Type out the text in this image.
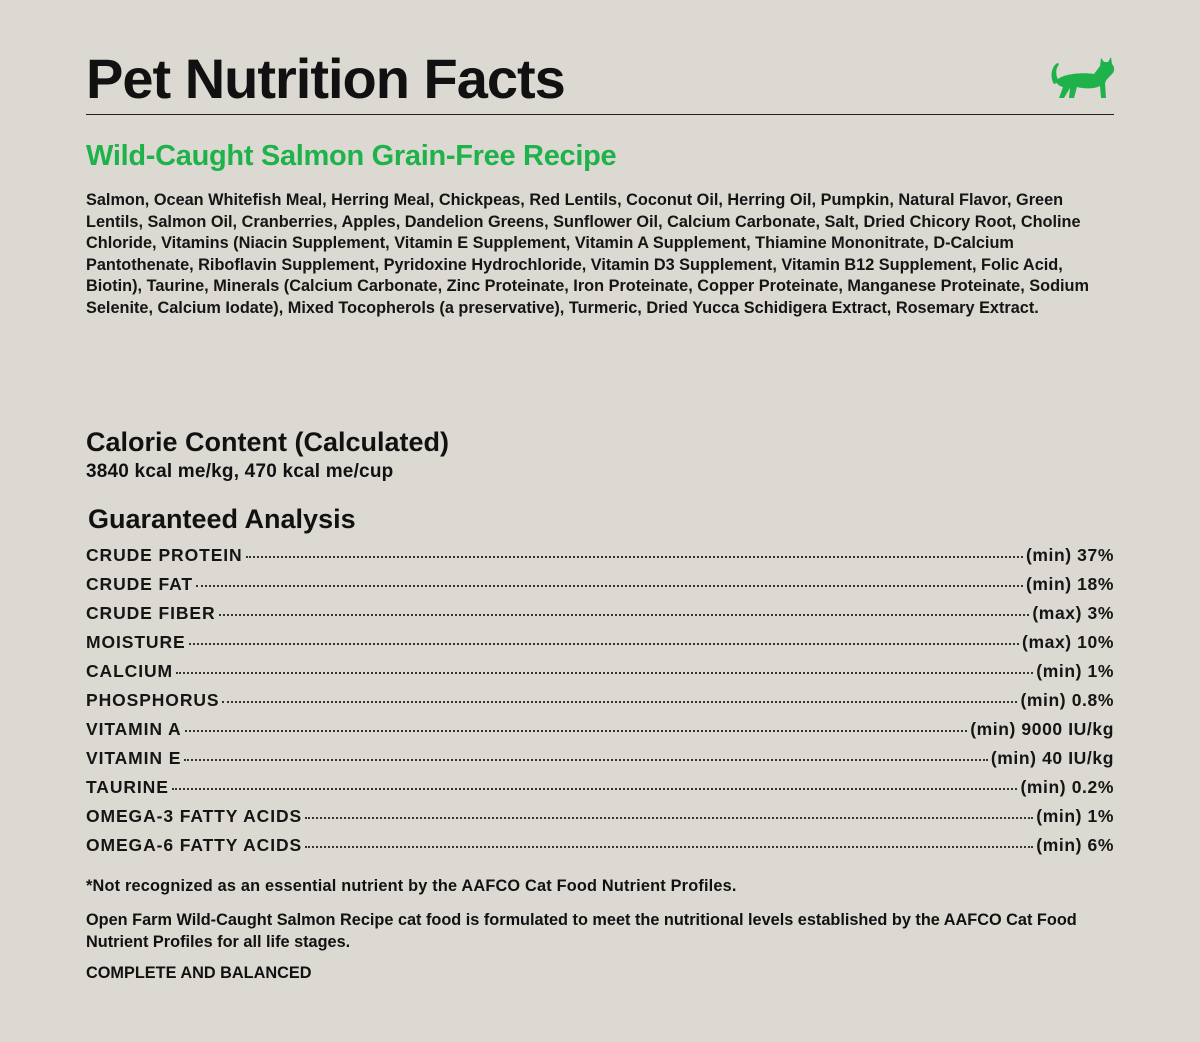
Pet Nutrition Facts
Wild-Caught Salmon Grain-Free Recipe

Salmon, Ocean Whitefish Meal, Herring Meal, Chickpeas, Red Lentils, Coconut Oil, Herring Oil, Pumpkin, Natural Flavor, Green Lentils, Salmon Oil, Cranberries, Apples, Dandelion Greens, Sunflower Oil, Calcium Carbonate, Salt, Dried Chicory Root, Choline Chloride, Vitamins (Niacin Supplement, Vitamin E Supplement, Vitamin A Supplement, Thiamine Mononitrate, D-Calcium Pantothenate, Riboflavin Supplement, Pyridoxine Hydrochloride, Vitamin D3 Supplement, Vitamin B12 Supplement, Folic Acid, Biotin), Taurine, Minerals (Calcium Carbonate, Zinc Proteinate, Iron Proteinate, Copper Proteinate, Manganese Proteinate, Sodium Selenite, Calcium Iodate), Mixed Tocopherols (a preservative), Turmeric, Dried Yucca Schidigera Extract, Rosemary Extract.

Calorie Content (Calculated)

3840 kcal me/kg, 470 kcal me/cup

Guaranteed Analysis
CRUDE PROTEIN	(min) 37%
CRUDE FAT	(min) 18%
CRUDE FIBER	(max) 3%
MOISTURE	(max) 10%
CALCIUM	(min) 1%
PHOSPHORUS	(min) 0.8%
VITAMIN A	(min) 9000 IU/kg
VITAMIN E	(min) 40 IU/kg
TAURINE	(min) 0.2%
OMEGA-3 FATTY ACIDS	(min) 1%
OMEGA-6 FATTY ACIDS	(min) 6%

*Not recognized as an essential nutrient by the AAFCO Cat Food Nutrient Profiles.

Open Farm Wild-Caught Salmon Recipe cat food is formulated to meet the nutritional levels established by the AAFCO Cat Food Nutrient Profiles for all life stages.

COMPLETE AND BALANCED
